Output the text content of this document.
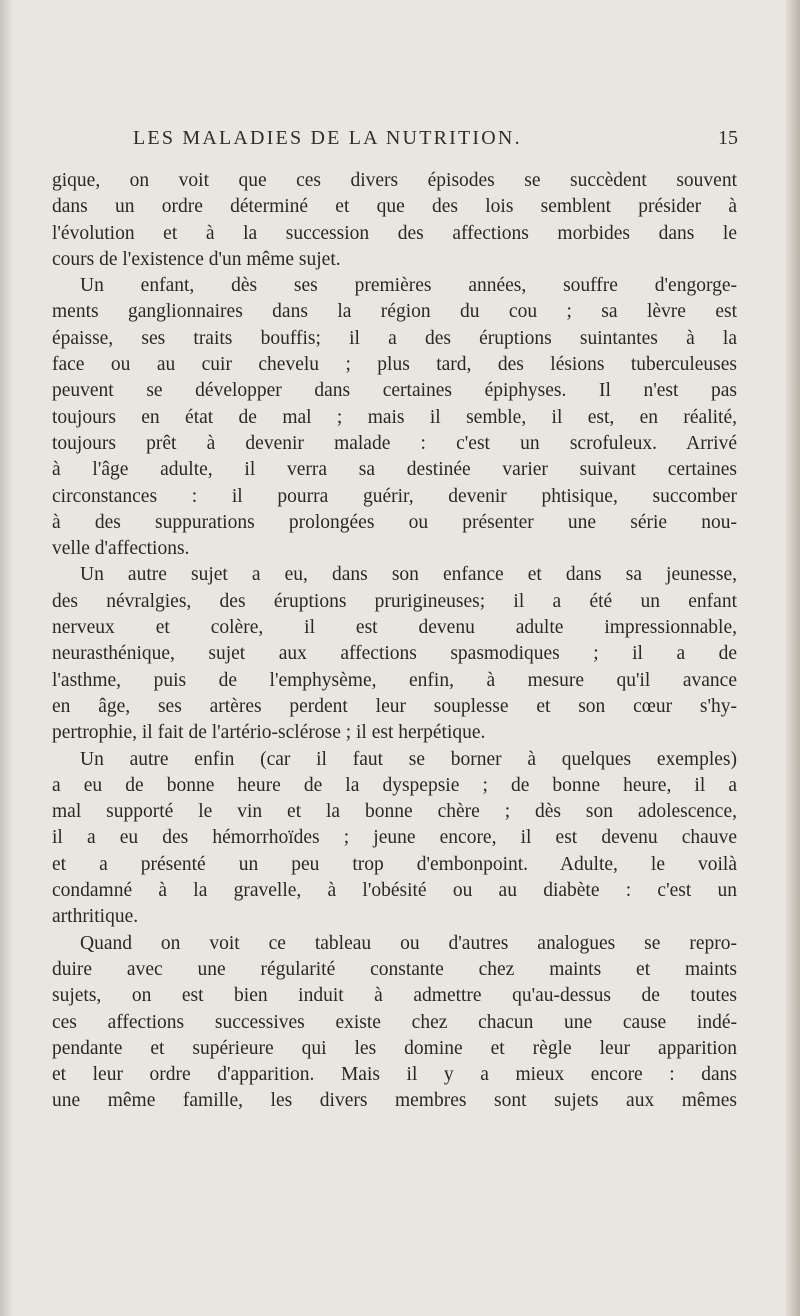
LES MALADIES DE LA NUTRITION.	15
gique, on voit que ces divers épisodes se succèdent souvent
dans un ordre déterminé et que des lois semblent présider à
l'évolution et à la succession des affections morbides dans le
cours de l'existence d'un même sujet.
Un enfant, dès ses premières années, souffre d'engorge-
ments ganglionnaires dans la région du cou ; sa lèvre est
épaisse, ses traits bouffis; il a des éruptions suintantes à la
face ou au cuir chevelu ; plus tard, des lésions tuberculeuses
peuvent se développer dans certaines épiphyses. Il n'est pas
toujours en état de mal ; mais il semble, il est, en réalité,
toujours prêt à devenir malade : c'est un scrofuleux. Arrivé
à l'âge adulte, il verra sa destinée varier suivant certaines
circonstances : il pourra guérir, devenir phtisique, succomber
à des suppurations prolongées ou présenter une série nou-
velle d'affections.
Un autre sujet a eu, dans son enfance et dans sa jeunesse,
des névralgies, des éruptions prurigineuses; il a été un enfant
nerveux et colère, il est devenu adulte impressionnable,
neurasthénique, sujet aux affections spasmodiques ; il a de
l'asthme, puis de l'emphysème, enfin, à mesure qu'il avance
en âge, ses artères perdent leur souplesse et son cœur s'hy-
pertrophie, il fait de l'artério-sclérose ; il est herpétique.
Un autre enfin (car il faut se borner à quelques exemples)
a eu de bonne heure de la dyspepsie ; de bonne heure, il a
mal supporté le vin et la bonne chère ; dès son adolescence,
il a eu des hémorrhoïdes ; jeune encore, il est devenu chauve
et a présenté un peu trop d'embonpoint. Adulte, le voilà
condamné à la gravelle, à l'obésité ou au diabète : c'est un
arthritique.
Quand on voit ce tableau ou d'autres analogues se repro-
duire avec une régularité constante chez maints et maints
sujets, on est bien induit à admettre qu'au-dessus de toutes
ces affections successives existe chez chacun une cause indé-
pendante et supérieure qui les domine et règle leur apparition
et leur ordre d'apparition. Mais il y a mieux encore : dans
une même famille, les divers membres sont sujets aux mêmes
